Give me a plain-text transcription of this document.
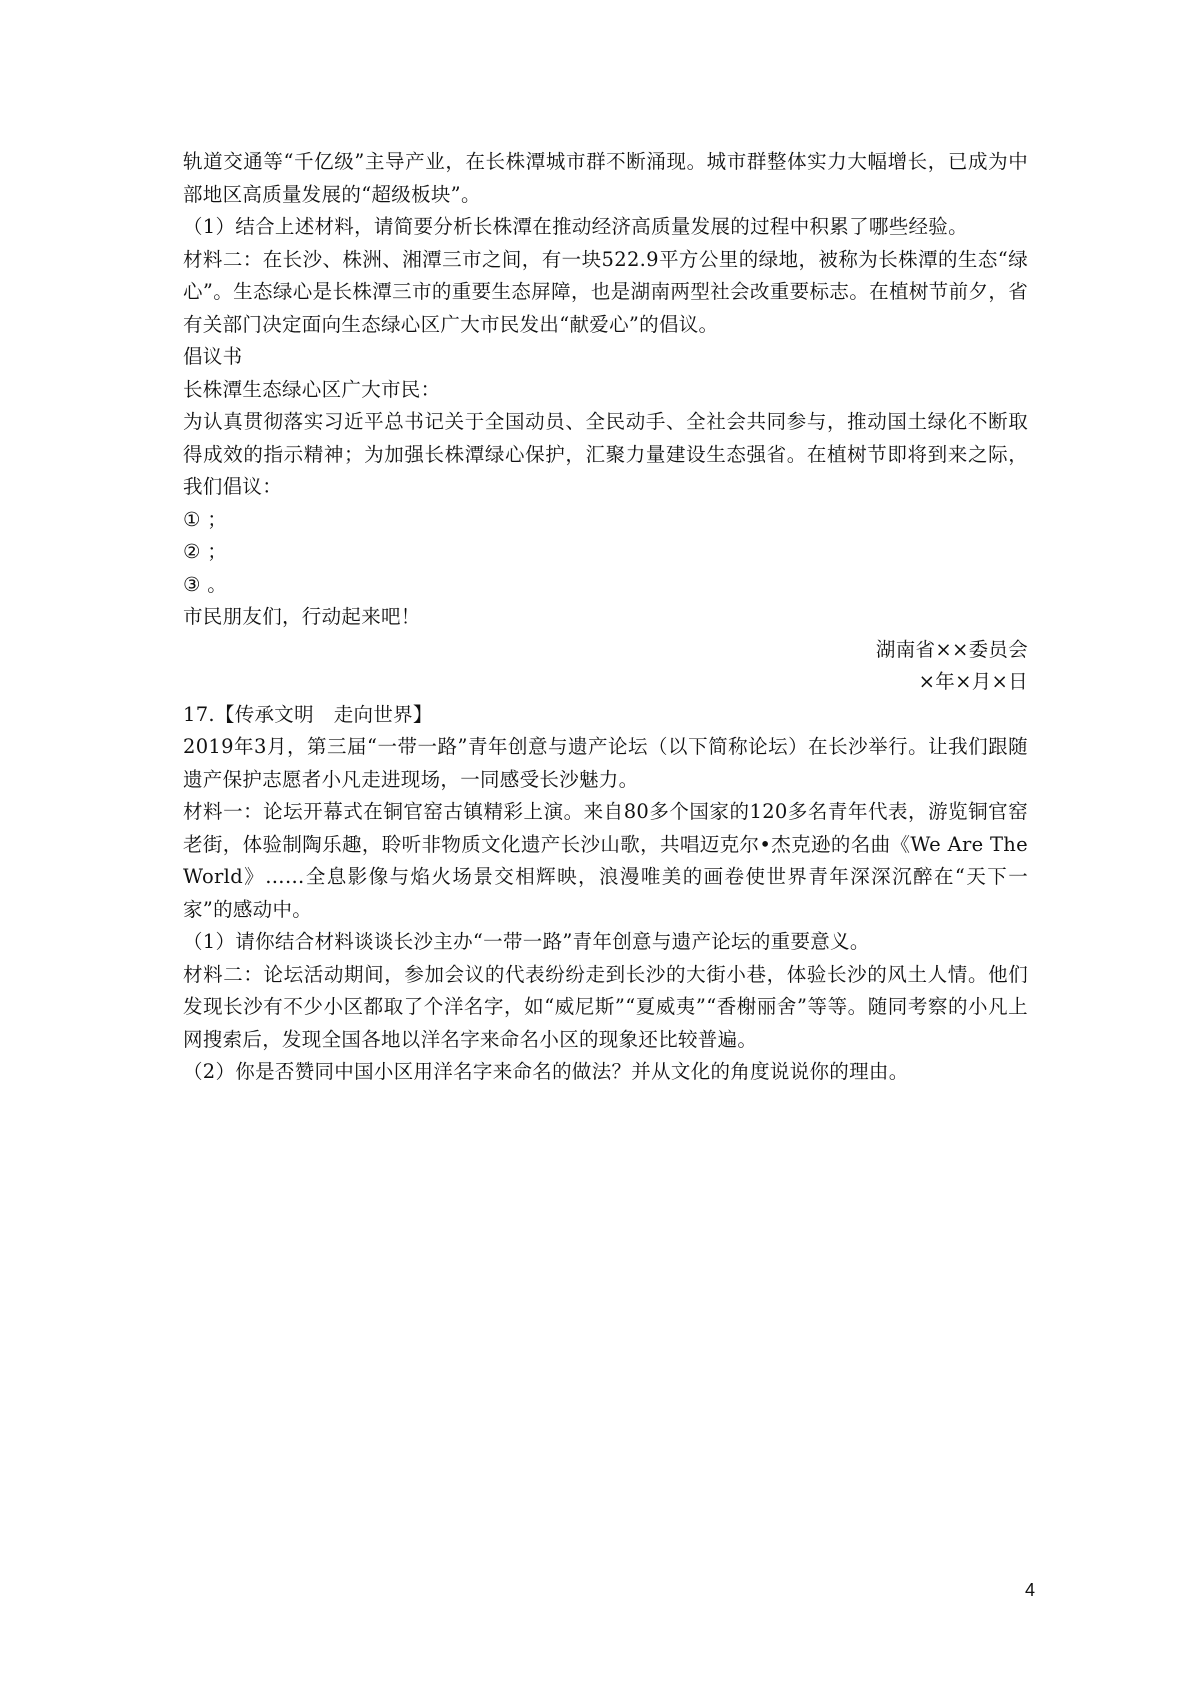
轨道交通等“千亿级”主导产业，在长株潭城市群不断涌现。城市群整体实力大幅增长，已成为中部地区高质量发展的“超级板块”。

（1）结合上述材料，请简要分析长株潭在推动经济高质量发展的过程中积累了哪些经验。

材料二：在长沙、株洲、湘潭三市之间，有一块522.9平方公里的绿地，被称为长株潭的生态“绿心”。生态绿心是长株潭三市的重要生态屏障，也是湖南两型社会改重要标志。在植树节前夕，省有关部门决定面向生态绿心区广大市民发出“献爱心”的倡议。

倡议书

长株潭生态绿心区广大市民：

为认真贯彻落实习近平总书记关于全国动员、全民动手、全社会共同参与，推动国土绿化不断取得成效的指示精神；为加强长株潭绿心保护，汇聚力量建设生态强省。在植树节即将到来之际，我们倡议：

① ；

② ；

③ 。

市民朋友们，行动起来吧！

湖南省××委员会

×年×月×日

17.【传承文明　走向世界】

2019年3月，第三届“一带一路”青年创意与遗产论坛（以下简称论坛）在长沙举行。让我们跟随遗产保护志愿者小凡走进现场，一同感受长沙魅力。

材料一：论坛开幕式在铜官窑古镇精彩上演。来自80多个国家的120多名青年代表，游览铜官窑老街，体验制陶乐趣，聆听非物质文化遗产长沙山歌，共唱迈克尔•杰克逊的名曲《We Are The World》……全息影像与焰火场景交相辉映，浪漫唯美的画卷使世界青年深深沉醉在“天下一家”的感动中。

（1）请你结合材料谈谈长沙主办“一带一路”青年创意与遗产论坛的重要意义。

材料二：论坛活动期间，参加会议的代表纷纷走到长沙的大街小巷，体验长沙的风土人情。他们发现长沙有不少小区都取了个洋名字，如“威尼斯”“夏威夷”“香榭丽舍”等等。随同考察的小凡上网搜索后，发现全国各地以洋名字来命名小区的现象还比较普遍。

（2）你是否赞同中国小区用洋名字来命名的做法？并从文化的角度说说你的理由。

4
